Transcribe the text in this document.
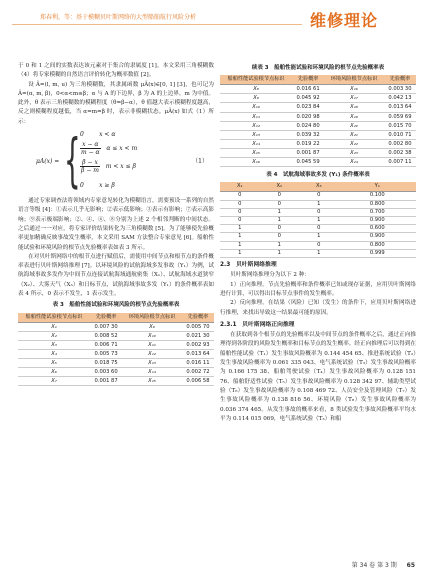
郑春利，等：基于模糊贝叶斯网络的大型船舶航行风险分析	维修理论

于 0 和 1 之间的实数表达该元素对于集合的隶属度 [1]。本文采用三角模糊数（4）将专家模糊的自然语言评价转化为概率数值 [2]。

设 Ã=(l, m, u) 为三角模糊数，其隶属函数 μÃ(x)∈[0, 1] [3]，也可记为 Ã=(α, m, β)，0<α<m≤β；α 与 A 的下边界，β 为 A 的上边界，m 为中值。此外，θ 表示三角模糊数的模糊程度（θ=β−α），θ 值越大表示模糊程度越高，反之则模糊程度越低，当 α=m=β 时，表示非模糊状态。μÃ(x) 如式（1）所示：

μA(x) = { 0	x < α
$\frac{x - \alpha}{m - \alpha}$ α ≤ x < m
$\frac{\beta - x}{\beta - m}$ m < x ≤ β
0	x ≥ β
（1）

通过专家调查法将领域内专家意见转化为模糊语言，需要预设一系列的自然语言等级 [4]：①表示几乎无影响；②表示低影响；③表示有影响；⑦表示高影响；⑨表示极端影响；②、④、⑥、⑧分别为上述 2 个相邻判断的中间状态。之后通过一一对应，将专家评价结果转化为三角模糊数 [5]。为了能够使先验概率更加精确反映事故发生概率，本文采用 SAM 方法整合专家意见 [6]。船舶性能试验和环境风险的根节点先验概率表如表 3 所示。

在对贝叶斯网络中的根节点进行赋值后，需使用中间节点和根节点的条件概率表进行贝叶斯网络推理 [7]。以环境风险的试航海域多发事故（Y₁）为例，试航海域事故多发作为中间节点连接试航海域通航密集（X₁）、试航海域水道狭窄（X₂）、大雾天气（X₃）和日标节点，试航海域事故多发（Y₁）的条件概率表如表 4 所示，0 表示不发生，1 表示发生。

表 3　船舶性能试验和环境风险的根节点先验概率表
船舶性能试验根节点标识	先验概率	环境风险根节点标识	先验概率
X₁	0.007 30	X₉	0.005 70
X₂	0.008 52	X₁₀	0.021 30
X₃	0.006 71	X₁₁	0.002 93
X₄	0.005 73	X₁₂	0.013 64
X₅	0.018 75	X₁₃	0.016 11
X₆	0.003 60	X₁₄	0.002 72
X₇	0.001 87	X₁₅	0.006 58
续表 3　船舶性能试验和环境风险的根节点先验概率表
船舶性能试验根节点标识	先验概率	环境风险根节点标识	先验概率
X₈	0.016 61	X₁₆	0.003 30
X₉	0.045 92	X₁₇	0.042 13
X₁₀	0.023 84	X₁₈	0.013 64
X₁₁	0.020 98	X₁₉	0.059 69
X₁₂	0.024 80	X₂₀	0.015 70
X₁₃	0.039 32	X₂₁	0.010 71
X₁₄	0.019 22	X₂₂	0.002 80
X₁₅	0.001 87	X₂₃	0.002 38
X₁₆	0.045 59	X₂₄	0.007 11
表 4　试航海域事故多发 (Y₁) 条件概率表
X₁	X₂	X₃	Y₁
0	0	0	0.100
0	0	1	0.800
0	1	0	0.700
0	1	1	0.900
1	0	0	0.600
1	0	1	0.900
1	1	0	0.800
1	1	1	0.999
2.3　贝叶斯网络推理

贝叶斯网络推理分为以下 2 种：

1）正向推理。节点先验概率和条件概率已知或现存证据，应用贝叶斯网络进行计算，可以得出目标节点事件的发生概率。

2）反向推理。在结果（风险）已知（发生）的条件下，应用贝叶斯网络进行推理，来找出导致这一结果最可能的原因。

2.3.1　贝叶斯网络正向推理

在获取到各个根节点的先验概率以及中间节点的条件概率之后，通过正向推理得到各阶段的风险发生概率和目标节点的发生概率。经正向推理后可以得到在船舶性能试验（T₁）发生事故风险概率为 0.144 454 65、推进系统试验（T₂）发生事故风险概率为 0.061 335 043、电气系统试验（T₃）发生事故风险概率为 0.166 175 38、船舶驾驶试验（T₄）发生事故风险概率为 0.128 151 76、船舶舒适性试验（T₅）发生事故风险概率为 0.128 342 97、辅助类型试验（T₆）发生事故风险概率为 0.108 469 72、人员安全及管理风险（T₇）发生事故风险概率为 0.138 816 56、环境风险（T₈）发生事故风险概率为 0.036 374 465。从发生事故的概率来看，8 类试验发生事故风险概率平均水平为 0.114 015 069，电气系统试验（T₃）和船

第 34 卷 第 3 期 65
